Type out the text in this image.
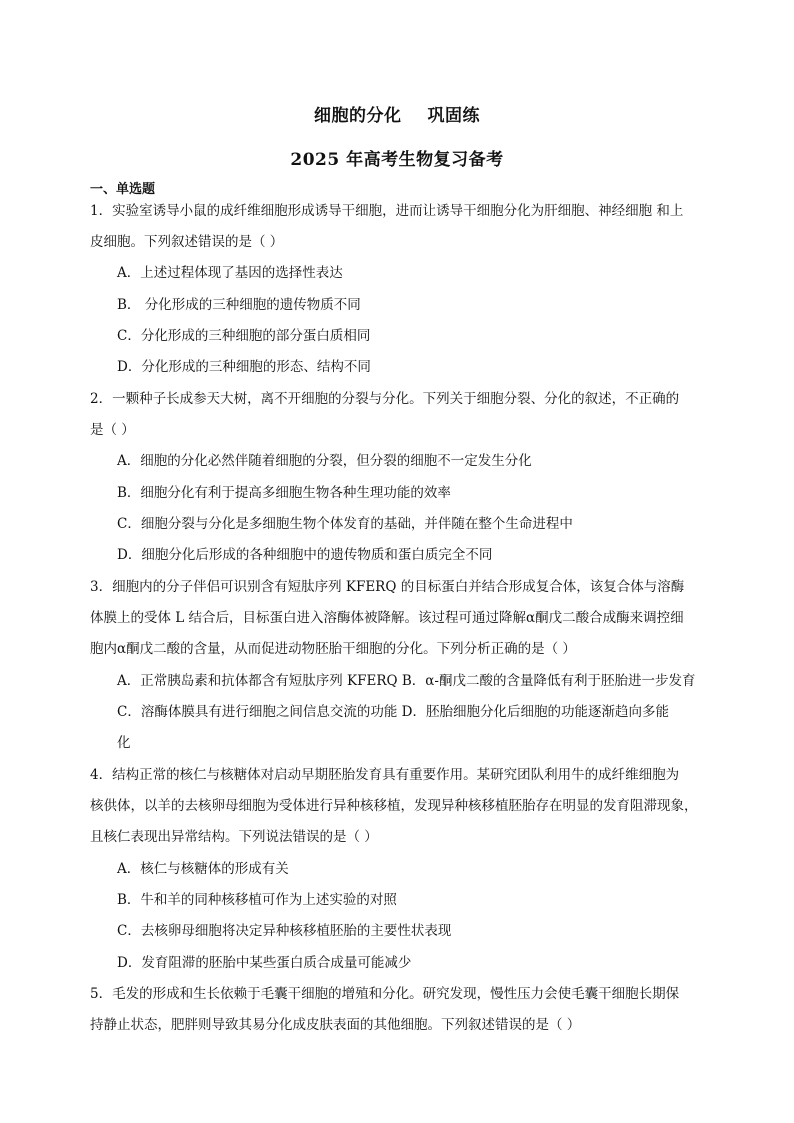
细胞的分化 巩固练
2025 年高考生物复习备考
一、单选题
1．实验室诱导小鼠的成纤维细胞形成诱导干细胞，进而让诱导干细胞分化为肝细胞、神经细胞 和上
皮细胞。下列叙述错误的是（ ）
A．上述过程体现了基因的选择性表达
B． 分化形成的三种细胞的遗传物质不同
C．分化形成的三种细胞的部分蛋白质相同
D．分化形成的三种细胞的形态、结构不同
2．一颗种子长成参天大树，离不开细胞的分裂与分化。下列关于细胞分裂、分化的叙述，不正确的
是（ ）
A．细胞的分化必然伴随着细胞的分裂，但分裂的细胞不一定发生分化
B．细胞分化有利于提高多细胞生物各种生理功能的效率
C．细胞分裂与分化是多细胞生物个体发育的基础，并伴随在整个生命进程中
D．细胞分化后形成的各种细胞中的遗传物质和蛋白质完全不同
3．细胞内的分子伴侣可识别含有短肽序列 KFERQ 的目标蛋白并结合形成复合体，该复合体与溶酶
体膜上的受体 L 结合后，目标蛋白进入溶酶体被降解。该过程可通过降解α酮戊二酸合成酶来调控细
胞内α酮戊二酸的含量，从而促进动物胚胎干细胞的分化。下列分析正确的是（ ）
A．正常胰岛素和抗体都含有短肽序列 KFERQ B．α-酮戊二酸的含量降低有利于胚胎进一步发育
C．溶酶体膜具有进行细胞之间信息交流的功能 D．胚胎细胞分化后细胞的功能逐渐趋向多能
化
4．结构正常的核仁与核糖体对启动早期胚胎发育具有重要作用。某研究团队利用牛的成纤维细胞为
核供体，以羊的去核卵母细胞为受体进行异种核移植，发现异种核移植胚胎存在明显的发育阻滞现象，
且核仁表现出异常结构。下列说法错误的是（ ）
A．核仁与核糖体的形成有关
B．牛和羊的同种核移植可作为上述实验的对照
C．去核卵母细胞将决定异种核移植胚胎的主要性状表现
D．发育阻滞的胚胎中某些蛋白质合成量可能减少
5．毛发的形成和生长依赖于毛囊干细胞的增殖和分化。研究发现，慢性压力会使毛囊干细胞长期保
持静止状态，肥胖则导致其易分化成皮肤表面的其他细胞。下列叙述错误的是（ ）
